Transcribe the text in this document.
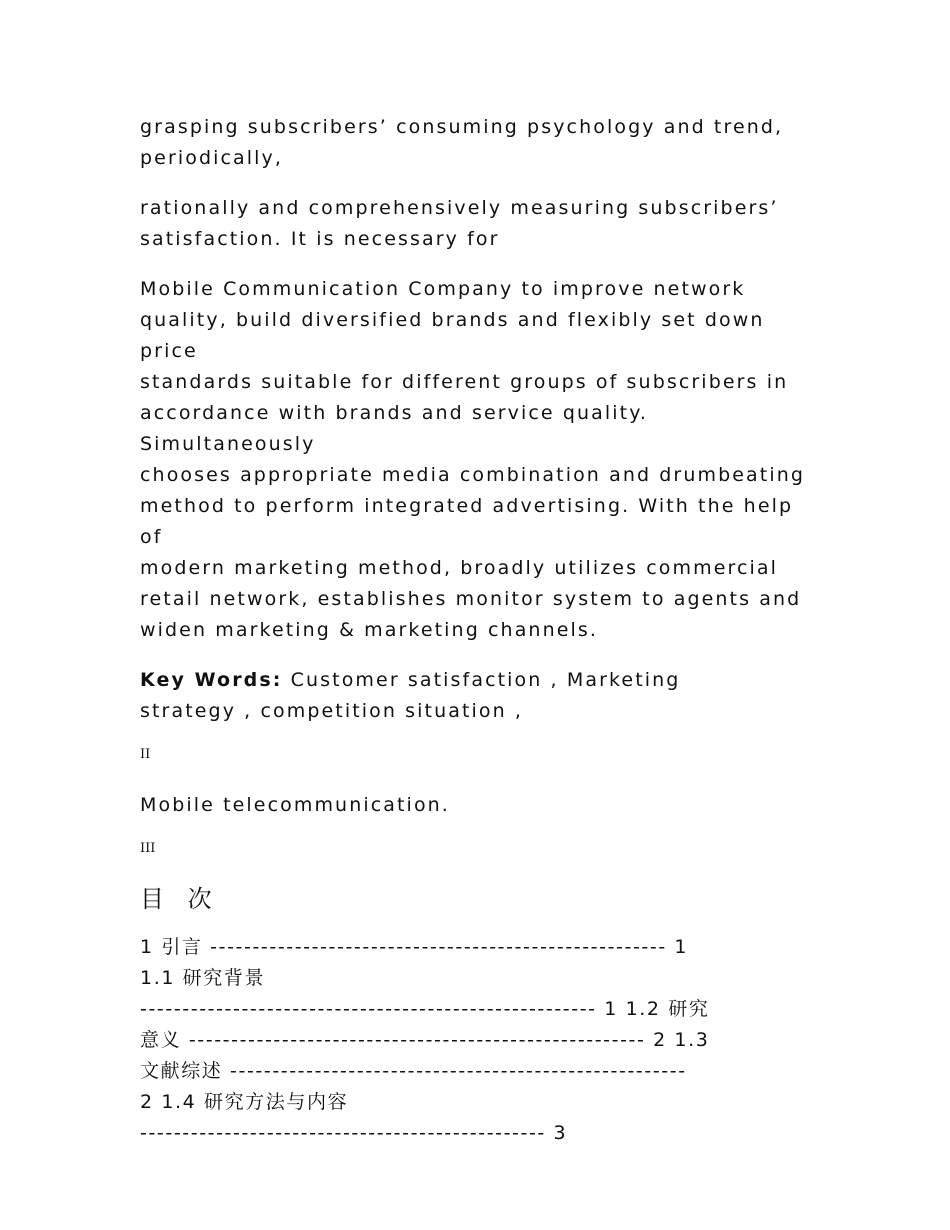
grasping subscribers’ consuming psychology and trend,
periodically,

rationally and comprehensively measuring subscribers’
satisfaction. It is necessary for

Mobile Communication Company to improve network
quality, build diversified brands and flexibly set down price
standards suitable for different groups of subscribers in
accordance with brands and service quality. Simultaneously
chooses appropriate media combination and drumbeating
method to perform integrated advertising. With the help of
modern marketing method, broadly utilizes commercial
retail network, establishes monitor system to agents and
widen marketing & marketing channels.

Key Words: Customer satisfaction , Marketing
strategy , competition situation ,

II

Mobile telecommunication.

III

目 次
1 引言 ------------------------------------------------------ 1
1.1 研究背景
------------------------------------------------------ 1 1.2 研究
意义 ------------------------------------------------------ 2 1.3
文献综述 ------------------------------------------------------
2 1.4 研究方法与内容
------------------------------------------------ 3
